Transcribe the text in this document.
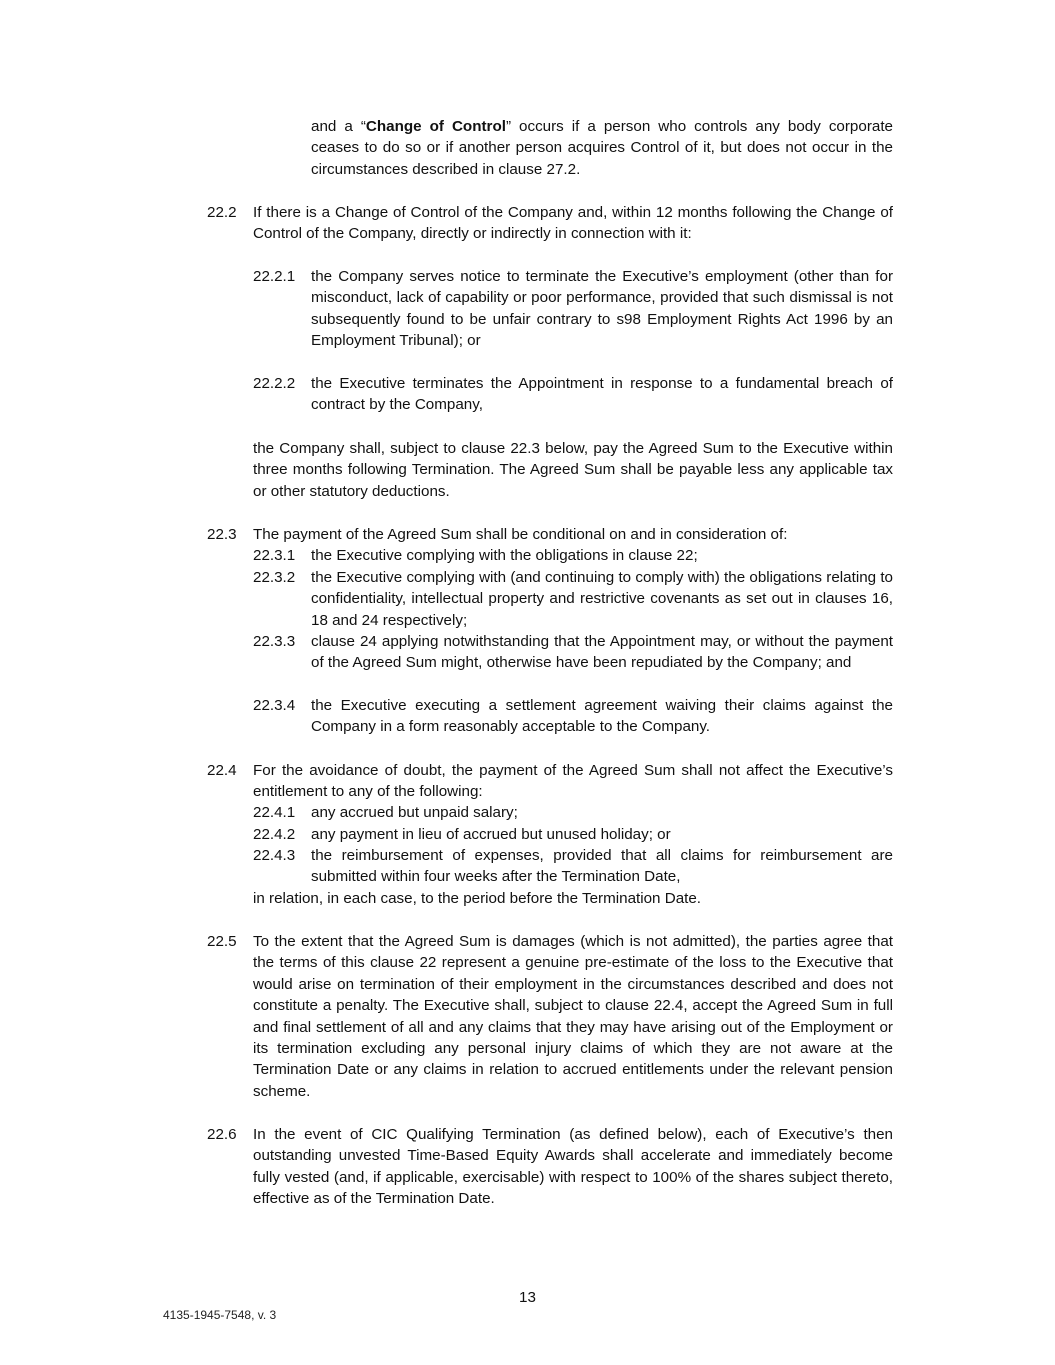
and a “Change of Control” occurs if a person who controls any body corporate ceases to do so or if another person acquires Control of it, but does not occur in the circumstances described in clause 27.2.
22.2 If there is a Change of Control of the Company and, within 12 months following the Change of Control of the Company, directly or indirectly in connection with it:
22.2.1 the Company serves notice to terminate the Executive’s employment (other than for misconduct, lack of capability or poor performance, provided that such dismissal is not subsequently found to be unfair contrary to s98 Employment Rights Act 1996 by an Employment Tribunal); or
22.2.2 the Executive terminates the Appointment in response to a fundamental breach of contract by the Company,
the Company shall, subject to clause 22.3 below, pay the Agreed Sum to the Executive within three months following Termination. The Agreed Sum shall be payable less any applicable tax or other statutory deductions.
22.3 The payment of the Agreed Sum shall be conditional on and in consideration of:
22.3.1 the Executive complying with the obligations in clause 22;
22.3.2 the Executive complying with (and continuing to comply with) the obligations relating to confidentiality, intellectual property and restrictive covenants as set out in clauses 16, 18 and 24 respectively;
22.3.3 clause 24 applying notwithstanding that the Appointment may, or without the payment of the Agreed Sum might, otherwise have been repudiated by the Company; and
22.3.4 the Executive executing a settlement agreement waiving their claims against the Company in a form reasonably acceptable to the Company.
22.4 For the avoidance of doubt, the payment of the Agreed Sum shall not affect the Executive’s entitlement to any of the following:
22.4.1 any accrued but unpaid salary;
22.4.2 any payment in lieu of accrued but unused holiday; or
22.4.3 the reimbursement of expenses, provided that all claims for reimbursement are submitted within four weeks after the Termination Date,
in relation, in each case, to the period before the Termination Date.
22.5 To the extent that the Agreed Sum is damages (which is not admitted), the parties agree that the terms of this clause 22 represent a genuine pre-estimate of the loss to the Executive that would arise on termination of their employment in the circumstances described and does not constitute a penalty. The Executive shall, subject to clause 22.4, accept the Agreed Sum in full and final settlement of all and any claims that they may have arising out of the Employment or its termination excluding any personal injury claims of which they are not aware at the Termination Date or any claims in relation to accrued entitlements under the relevant pension scheme.
22.6 In the event of CIC Qualifying Termination (as defined below), each of Executive’s then outstanding unvested Time-Based Equity Awards shall accelerate and immediately become fully vested (and, if applicable, exercisable) with respect to 100% of the shares subject thereto, effective as of the Termination Date.
13
4135-1945-7548, v. 3
